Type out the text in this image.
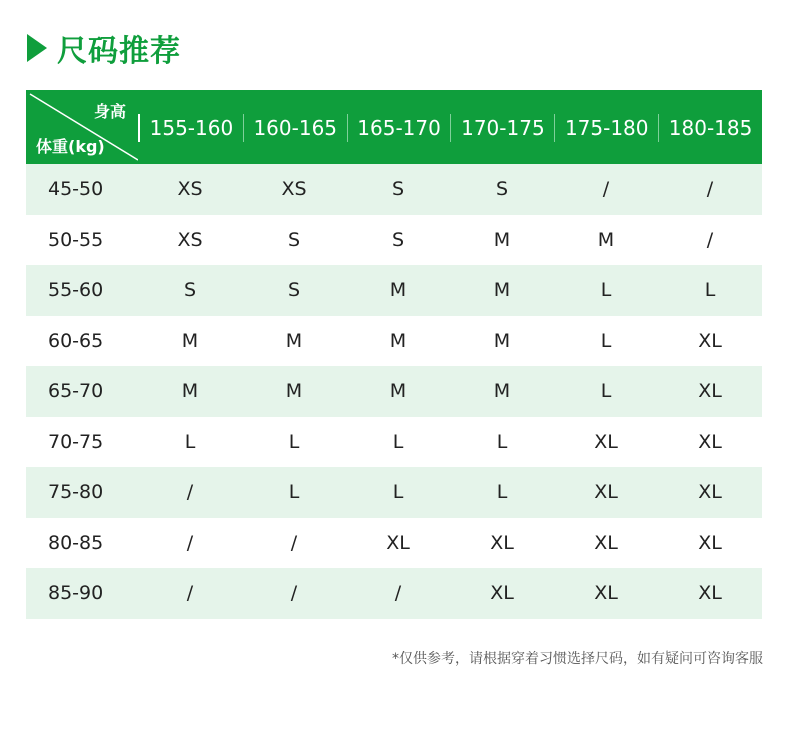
尺码推荐
身高
体重(kg)
155-160	160-165	165-170	170-175	175-180	180-185
45-50	XS	XS	S	S	/	/
50-55	XS	S	S	M	M	/
55-60	S	S	M	M	L	L
60-65	M	M	M	M	L	XL
65-70	M	M	M	M	L	XL
70-75	L	L	L	L	XL	XL
75-80	/	L	L	L	XL	XL
80-85	/	/	XL	XL	XL	XL
85-90	/	/	/	XL	XL	XL
*仅供参考，请根据穿着习惯选择尺码，如有疑问可咨询客服
